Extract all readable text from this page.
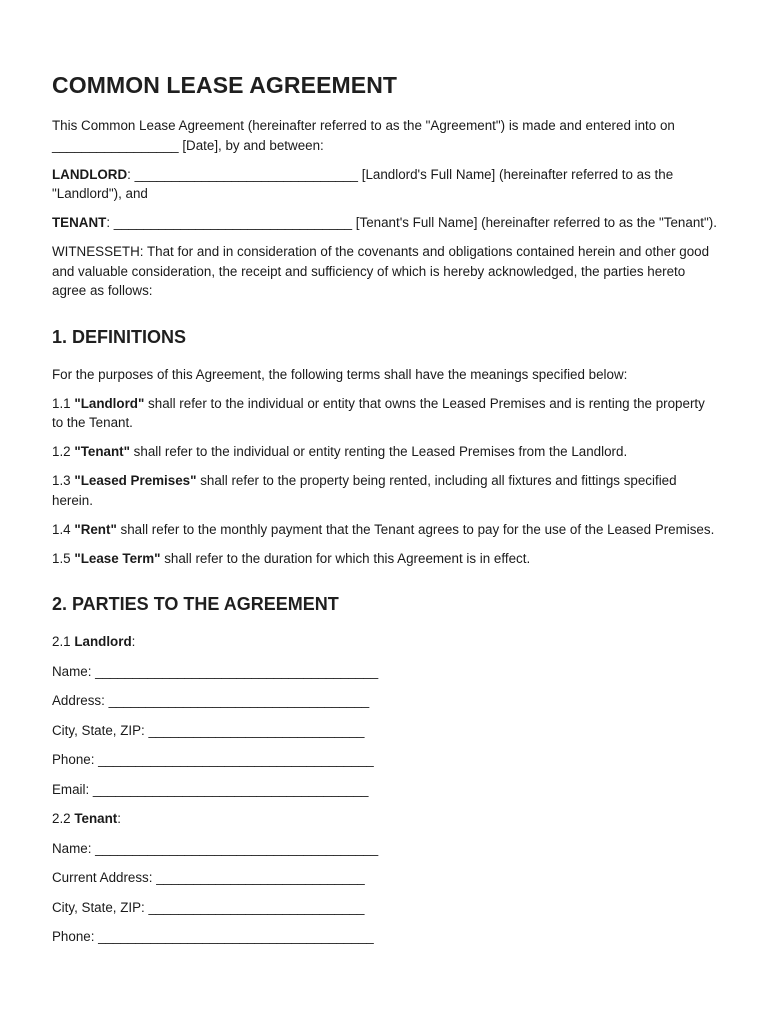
COMMON LEASE AGREEMENT

This Common Lease Agreement (hereinafter referred to as the "Agreement") is made and entered into on _________________ [Date], by and between:

LANDLORD: ______________________________ [Landlord's Full Name] (hereinafter referred to as the "Landlord"), and

TENANT: ________________________________ [Tenant's Full Name] (hereinafter referred to as the "Tenant").

WITNESSETH: That for and in consideration of the covenants and obligations contained herein and other good and valuable consideration, the receipt and sufficiency of which is hereby acknowledged, the parties hereto agree as follows:

1. DEFINITIONS

For the purposes of this Agreement, the following terms shall have the meanings specified below:

1.1 "Landlord" shall refer to the individual or entity that owns the Leased Premises and is renting the property to the Tenant.

1.2 "Tenant" shall refer to the individual or entity renting the Leased Premises from the Landlord.

1.3 "Leased Premises" shall refer to the property being rented, including all fixtures and fittings specified herein.

1.4 "Rent" shall refer to the monthly payment that the Tenant agrees to pay for the use of the Leased Premises.

1.5 "Lease Term" shall refer to the duration for which this Agreement is in effect.

2. PARTIES TO THE AGREEMENT

2.1 Landlord:

Name: ______________________________________

Address: ___________________________________

City, State, ZIP: _____________________________

Phone: _____________________________________

Email: _____________________________________

2.2 Tenant:

Name: ______________________________________

Current Address: ____________________________

City, State, ZIP: _____________________________

Phone: _____________________________________
